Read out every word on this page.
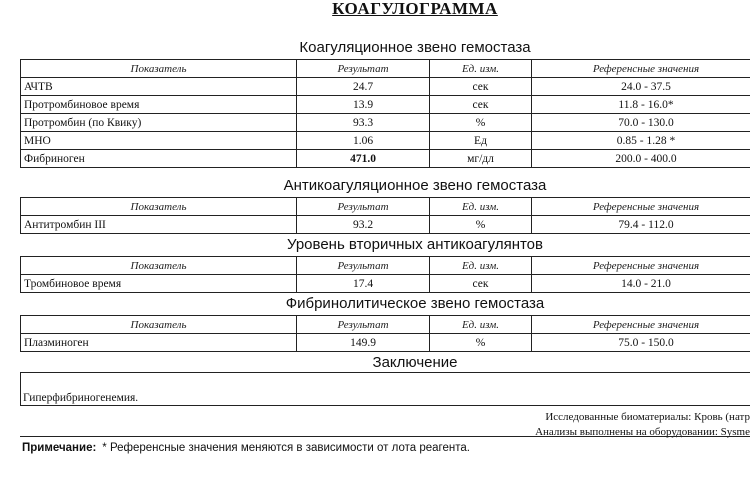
КОАГУЛОГРАММА
Коагуляционное звено гемостаза
Показатель	Результат	Ед. изм.	Референсные значения
АЧТВ	24.7	сек	24.0 - 37.5
Протромбиновое время	13.9	сек	11.8 - 16.0*
Протромбин (по Квику)	93.3	%	70.0 - 130.0
МНО	1.06	Ед	0.85 - 1.28 *
Фибриноген	471.0	мг/дл	200.0 - 400.0
Антикоагуляционное звено гемостаза
Показатель	Результат	Ед. изм.	Референсные значения
Антитромбин III	93.2	%	79.4 - 112.0
Уровень вторичных антикоагулянтов
Показатель	Результат	Ед. изм.	Референсные значения
Тромбиновое время	17.4	сек	14.0 - 21.0
Фибринолитическое звено гемостаза
Показатель	Результат	Ед. изм.	Референсные значения
Плазминоген	149.9	%	75.0 - 150.0
Заключение
Гиперфибриногенемия.
Исследованные биоматериалы: Кровь (натр
Анализы выполнены на оборудовании: Sysme
Примечание: * Референсные значения меняются в зависимости от лота реагента.
